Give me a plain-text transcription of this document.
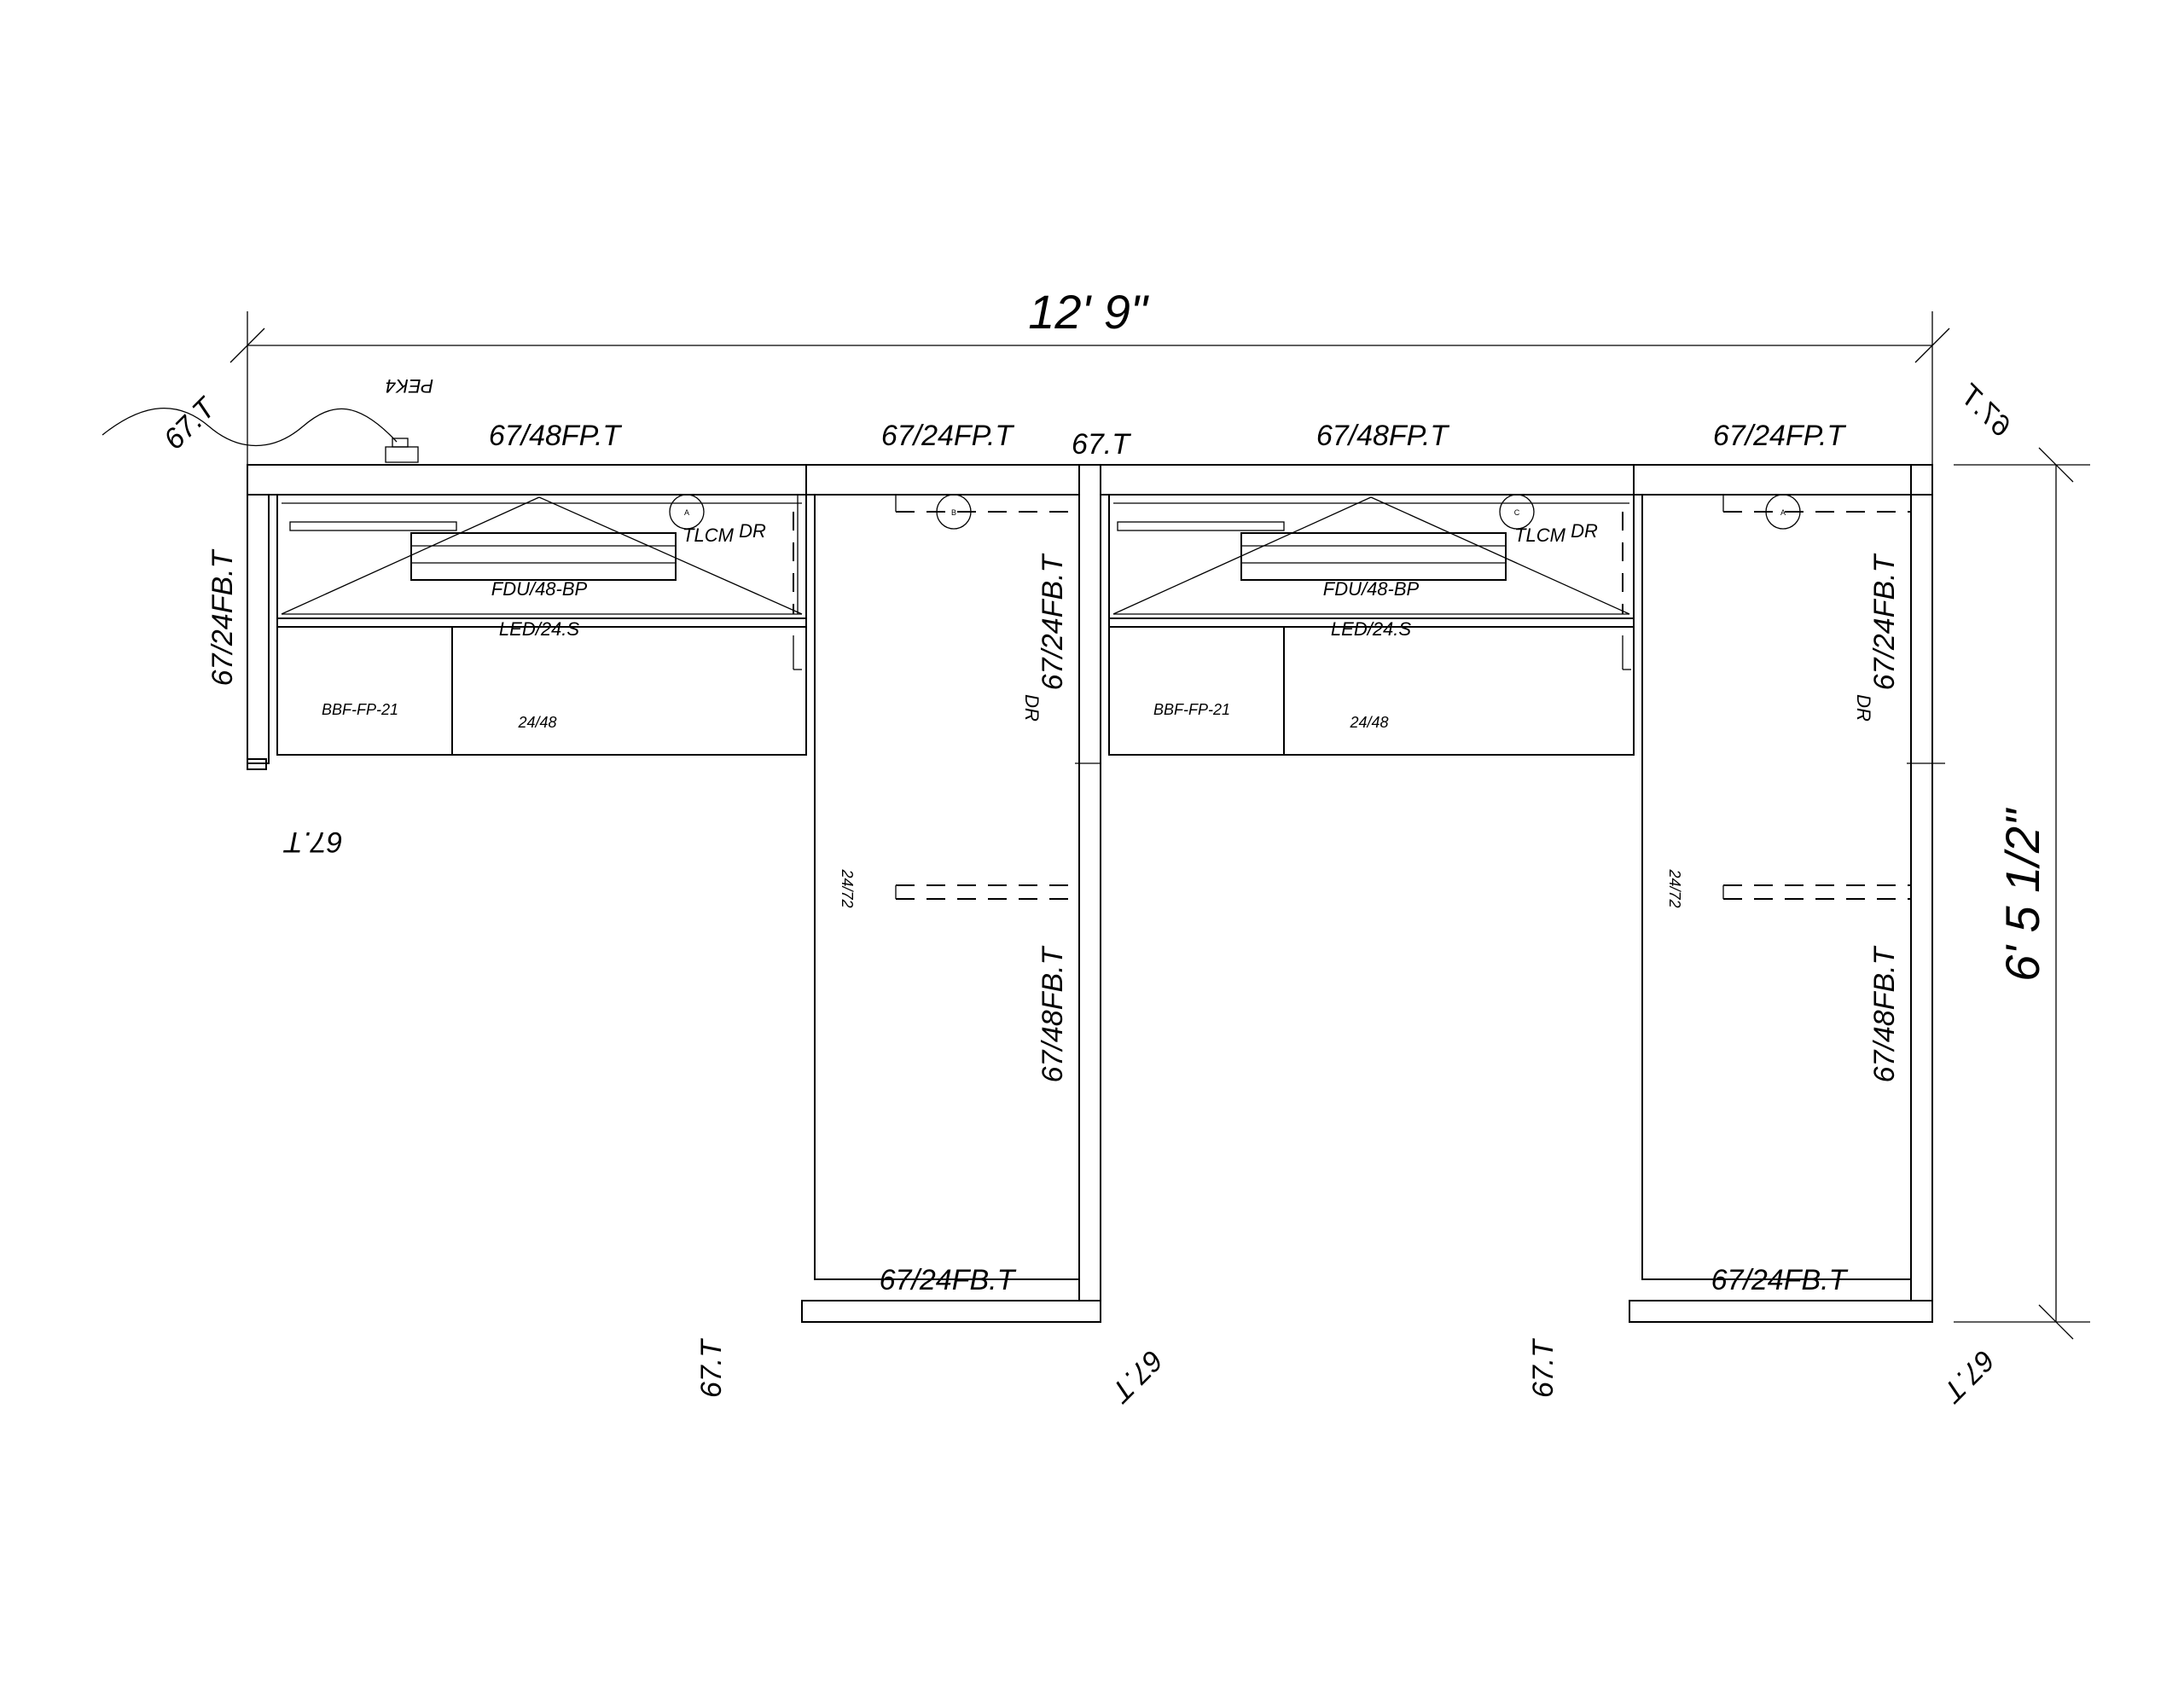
12' 9"
6' 5 1/2"
A	B
67/48FP.T	67/24FP.T 67.T
67/24FB.T	67/24FB.T
67/48FB.T
67/24FB.T
FDU/48-BP
LED/24.S
TLCM DR
DR
BBF-FP-21
24/48
24/72
C	A
67/48FP.T	67/24FP.T
67/24FB.T
67/48FB.T
67/24FB.T
FDU/48-BP
LED/24.S
TLCM DR
DR
BBF-FP-21
24/48
24/72
PEK4
67.T	67.T
67.T
67.T	67.T	67.T	67.T
